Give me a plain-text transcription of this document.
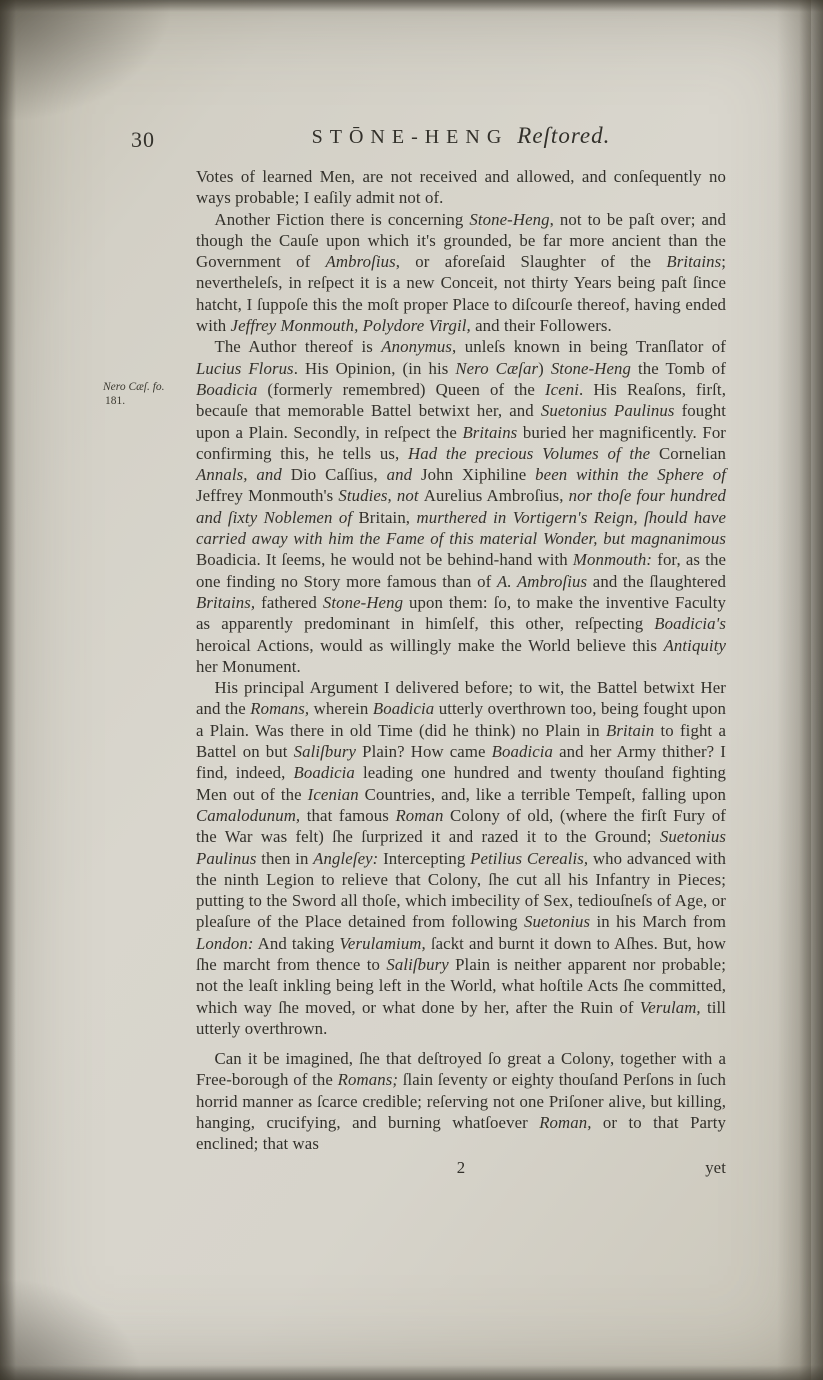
30	STŌNE-HENG Reſtored.
Nero Cæſ. fo.
181.

Votes of learned Men, are not received and allowed, and conſequently no ways probable; I eaſily admit not of.

Another Fiction there is concerning Stone-Heng, not to be paſt over; and though the Cauſe upon which it's grounded, be far more ancient than the Government of Ambroſius, or aforeſaid Slaughter of the Britains; nevertheleſs, in reſpect it is a new Conceit, not thirty Years being paſt ſince hatcht, I ſuppoſe this the moſt proper Place to diſcourſe thereof, having ended with Jeffrey Monmouth, Polydore Virgil, and their Followers.

The Author thereof is Anonymus, unleſs known in being Tranſlator of Lucius Florus. His Opinion, (in his Nero Cæſar) Stone-Heng the Tomb of Boadicia (formerly remembred) Queen of the Iceni. His Reaſons, firſt, becauſe that memorable Battel betwixt her, and Suetonius Paulinus fought upon a Plain. Secondly, in reſpect the Britains buried her magnificently. For confirming this, he tells us, Had the precious Volumes of the Cornelian Annals, and Dio Caſſius, and John Xiphiline been within the Sphere of Jeffrey Monmouth's Studies, not Aurelius Ambroſius, nor thoſe four hundred and ſixty Noblemen of Britain, murthered in Vortigern's Reign, ſhould have carried away with him the Fame of this material Wonder, but magnanimous Boadicia. It ſeems, he would not be behind-hand with Monmouth: for, as the one finding no Story more famous than of A. Ambroſius and the ſlaughtered Britains, fathered Stone-Heng upon them: ſo, to make the inventive Faculty as apparently predominant in himſelf, this other, reſpecting Boadicia's heroical Actions, would as willingly make the World believe this Antiquity her Monument.

His principal Argument I delivered before; to wit, the Battel betwixt Her and the Romans, wherein Boadicia utterly overthrown too, being fought upon a Plain. Was there in old Time (did he think) no Plain in Britain to fight a Battel on but Saliſbury Plain? How came Boadicia and her Army thither? I find, indeed, Boadicia leading one hundred and twenty thouſand fighting Men out of the Icenian Countries, and, like a terrible Tempeſt, falling upon Camalodunum, that famous Roman Colony of old, (where the firſt Fury of the War was felt) ſhe ſurprized it and razed it to the Ground; Suetonius Paulinus then in Angleſey: Intercepting Petilius Cerealis, who advanced with the ninth Legion to relieve that Colony, ſhe cut all his Infantry in Pieces; putting to the Sword all thoſe, which imbecility of Sex, tediouſneſs of Age, or pleaſure of the Place detained from following Suetonius in his March from London: And taking Verulamium, ſackt and burnt it down to Aſhes. But, how ſhe marcht from thence to Saliſbury Plain is neither apparent nor probable; not the leaſt inkling being left in the World, what hoſtile Acts ſhe committed, which way ſhe moved, or what done by her, after the Ruin of Verulam, till utterly overthrown.

Can it be imagined, ſhe that deſtroyed ſo great a Colony, together with a Free-borough of the Romans; ſlain ſeventy or eighty thouſand Perſons in ſuch horrid manner as ſcarce credible; reſerving not one Priſoner alive, but killing, hanging, crucifying, and burning whatſoever Roman, or to that Party enclined; that was

2	yet
